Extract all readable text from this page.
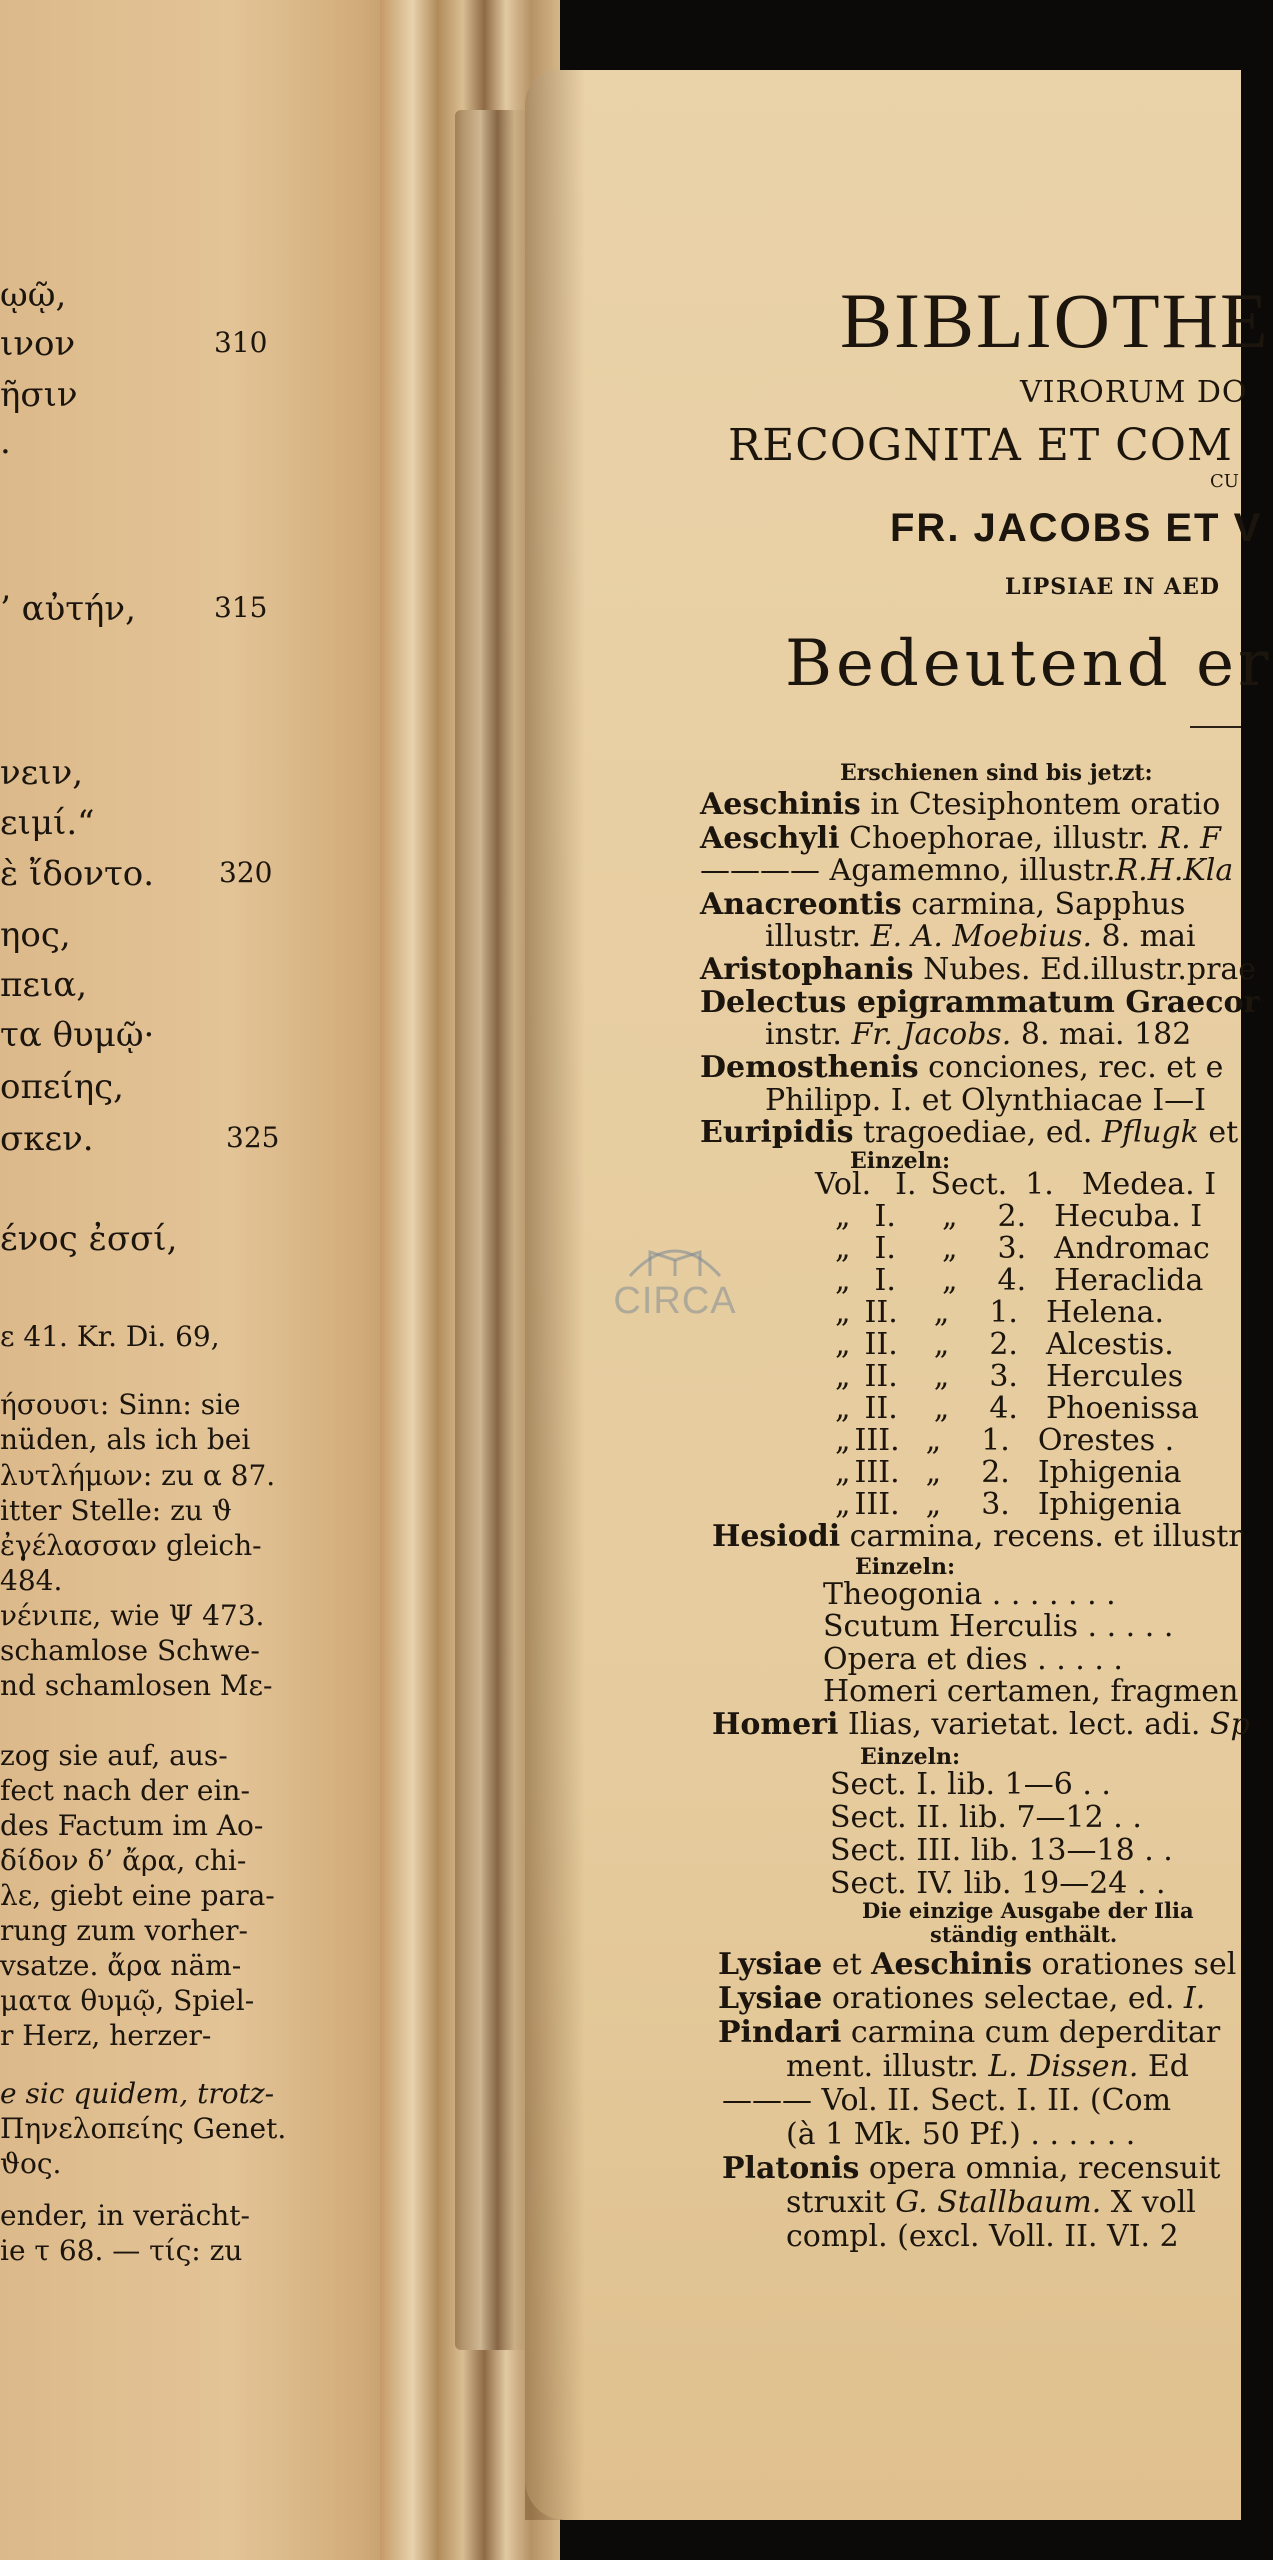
ῳῷ,
ινον	310
ῆσιν
.
’ αὐτήν,	315
νειν,
ειμί.“
ὲ ἴδοντο. 320
ηος,
πεια,
τα θυμῷ·
οπείης,
σκεν.	325
ένος ἐσσί,
ε 41. Kr. Di. 69,
ήσουσι: Sinn: sie
nüden, als ich bei
λυτλήμων: zu α 87.
itter Stelle: zu ϑ
ἐγέλασσαν gleich-
484.
νένιπε, wie Ψ 473.
schamlose Schwe-
nd schamlosen Με-
zog sie auf, aus-
fect nach der ein-
des Factum im Ao-
δίδον δ’ ἄρα, chi-
λε, giebt eine para-
rung zum vorher-
vsatze. ἄρα näm-
ματα θυμῷ, Spiel-
r Herz, herzer-
e sic quidem, trotz-
Πηνελοπείης Genet.
ϑος.
ender, in verächt-
ie τ 68. — τίς: zu
BIBLIOTHE
VIRORUM DO
RECOGNITA ET COM
CU
FR. JACOBS ET V
LIPSIAE IN AED
Bedeutend er
Erschienen sind bis jetzt:
Aeschinis in Ctesiphontem oratio
Aeschyli Choephorae, illustr. R. F
———— Agamemno, illustr.R.H.Kla
Anacreontis carmina, Sapphus
illustr. E. A. Moebius. 8. mai
Aristophanis Nubes. Ed.illustr.prae
Delectus epigrammatum Graecor
instr. Fr. Jacobs. 8. mai. 182
Demosthenis conciones, rec. et e
Philipp. I. et Olynthiacae I—I
Euripidis tragoediae, ed. Pflugk et
Einzeln:
Vol. I. Sect. 1. Medea. I
„ I. „ 2. Hecuba. I
„ I. „ 3. Andromac
„ I. „ 4. Heraclida
„ II. „ 1. Helena.
„ II. „ 2. Alcestis.
„ II. „ 3. Hercules
„ II. „ 4. Phoenissa
„ III. „ 1. Orestes .
„ III. „ 2. Iphigenia
„ III. „ 3. Iphigenia
Hesiodi carmina, recens. et illustr
Einzeln:
Theogonia . . . . . . .
Scutum Herculis . . . . .
Opera et dies . . . . .
Homeri certamen, fragmen
Homeri Ilias, varietat. lect. adi. Sp
Einzeln:
Sect. I. lib. 1—6 . .
Sect. II. lib. 7—12 . .
Sect. III. lib. 13—18 . .
Sect. IV. lib. 19—24 . .
Die einzige Ausgabe der Ilia
ständig enthält.
Lysiae et Aeschinis orationes sel
Lysiae orationes selectae, ed. I.
Pindari carmina cum deperditar
ment. illustr. L. Dissen. Ed
——— Vol. II. Sect. I. II. (Com
(à 1 Mk. 50 Pf.) . . . . . .
Platonis opera omnia, recensuit
struxit G. Stallbaum. X voll
compl. (excl. Voll. II. VI. 2
CIRCA
